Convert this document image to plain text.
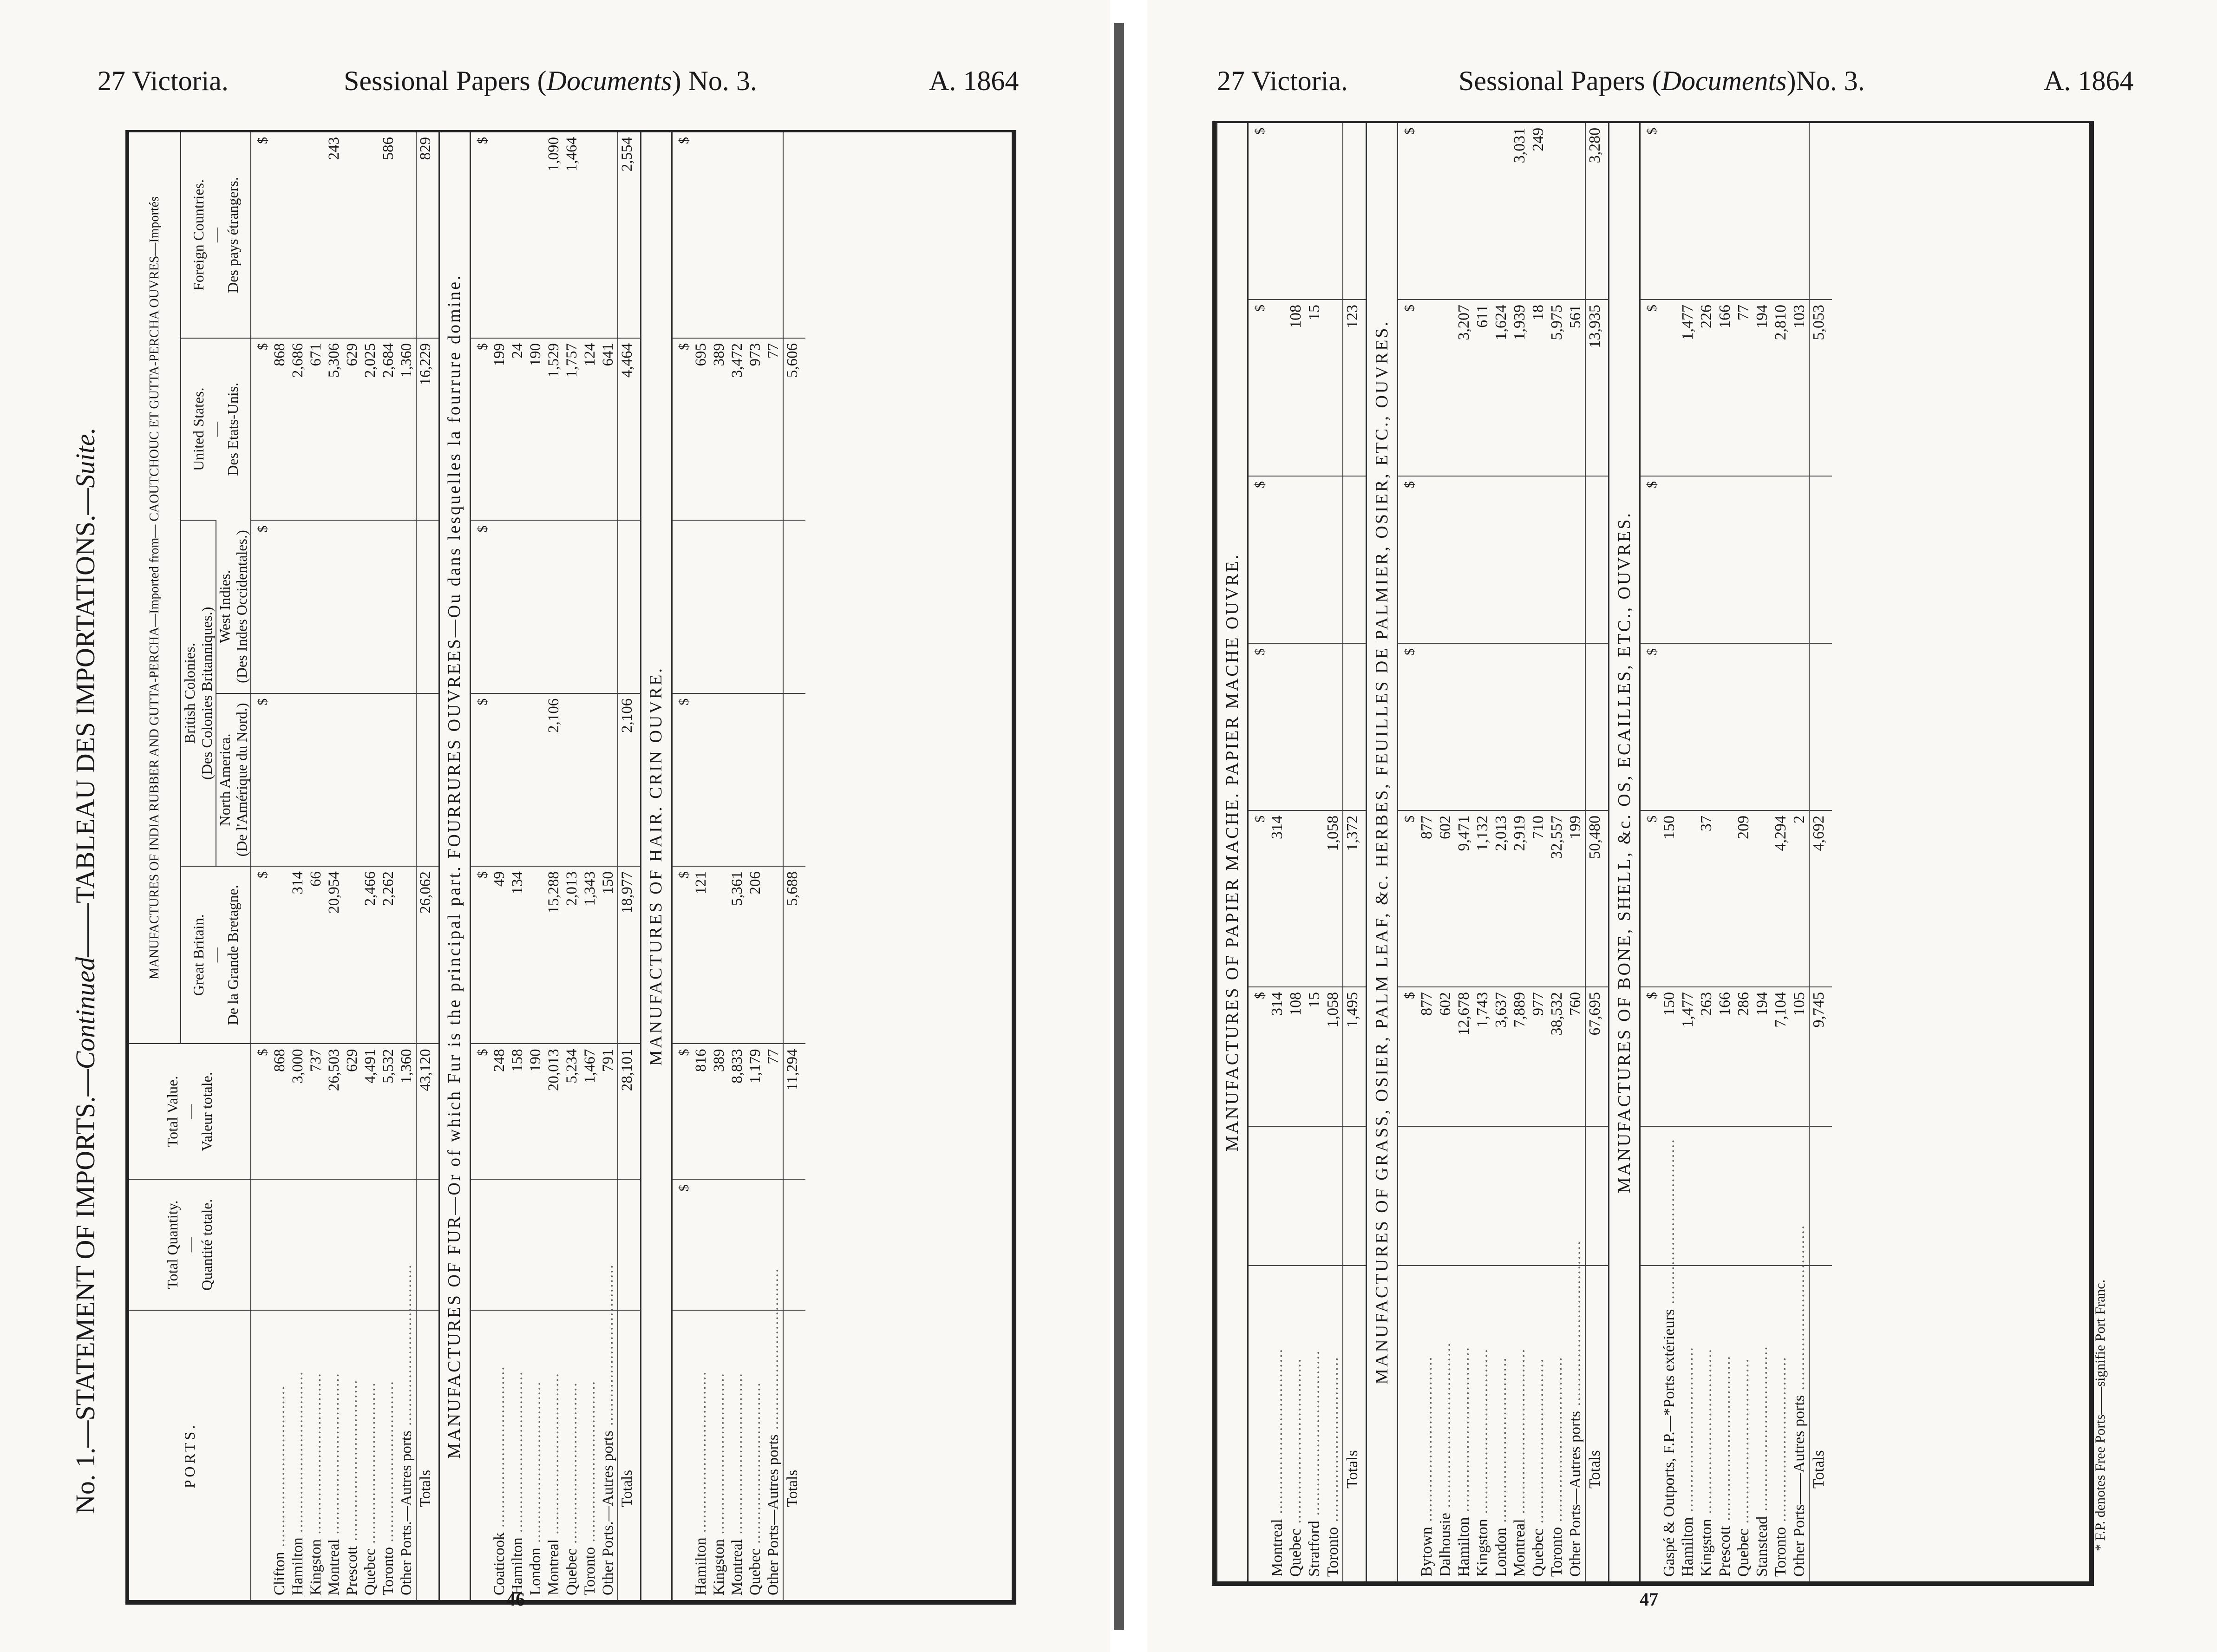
27 Victoria.	Sessional Papers (Documents) No. 3.	A. 1864
No. 1.—STATEMENT OF IMPORTS.—Continued——TABLEAU DES IMPORTATIONS.—Suite.
PORTS.	Total Quantity.
—
Quantité totale.	Total Value.
—
Valeur totale.	MANUFACTURES OF INDIA RUBBER AND GUTTA-PERCHA—Imported from— CAOUTCHOUC ET GUTTA-PERCHA OUVRES—Importés				
			Great Britain.
—
De la Grande Bretagne.	British Colonies.
(Des Colonies Britanniques.)		United States.
—
Des Etats-Unis.	Foreign Countries.
—
Des pays étrangers.
				North America.
(De l'Amérique du Nord.)	West Indies.
(Des Indes Occidentales.)		
		$	$	$	$	$	$
Clifton ..................................		868				868	
Hamilton ..................................		3,000	314			2,686	
Kingston ..................................		737	66			671	
Montreal ..................................		26,503	20,954			5,306	243
Prescott ..................................		629				629	
Quebec ..................................		4,491	2,466			2,025	
Toronto ..................................		5,532	2,262			2,684	586
Other Ports.—Autres ports ..................................		1,360				1,360	
Totals		43,120	26,062			16,229	829
MANUFACTURES OF FUR—Or of which Fur is the principal part. FOURRURES OUVREES—Ou dans lesquelles la fourrure domine.							
		$	$	$	$	$	$
Coaticook ..................................		248	49			199	
Hamilton ..................................		158	134			24	
London ..................................		190				190	
Montreal ..................................		20,013	15,288	2,106		1,529	1,090
Quebec ..................................		5,234	2,013			1,757	1,464
Toronto ..................................		1,467	1,343			124	
Other Ports.—Autres ports ..................................		791	150			641	
Totals		28,101	18,977	2,106		4,464	2,554
MANUFACTURES OF HAIR. CRIN OUVRE.							
	$	$	$	$		$	$
Hamilton ..................................		816	121			695	
Kingston ..................................		389				389	
Montreal ..................................		8,833	5,361			3,472	
Quebec ..................................		1,179	206			973	
Other Ports—Autres ports ..................................		77				77	
Totals		11,294	5,688			5,606	
46
27 Victoria.	Sessional Papers (Documents)No. 3.	A. 1864
MANUFACTURES OF PAPIER MACHE. PAPIER MACHE OUVRE.							
		$	$	$	$	$	$
Montreal ..................................		314	314				
Quebec ..................................		108				108	
Stratford ..................................		15				15	
Toronto ..................................		1,058	1,058				
Totals		1,495	1,372			123	
MANUFACTURES OF GRASS, OSIER, PALM LEAF, &c. HERBES, FEUILLES DE PALMIER, OSIER, ETC., OUVRES.							
		$	$	$	$	$	$
Bytown ..................................		877	877				
Dalhousie ..................................		602	602				
Hamilton ..................................		12,678	9,471			3,207	
Kingston ..................................		1,743	1,132			611	
London ..................................		3,637	2,013			1,624	
Montreal ..................................		7,889	2,919			1,939	3,031
Quebec ..................................		977	710			18	249
Toronto ..................................		38,532	32,557			5,975	
Other Ports—Autres ports ..................................		760	199			561	
Totals		67,695	50,480			13,935	3,280
MANUFACTURES OF BONE, SHELL, &c. OS, ECAILLES, ETC., OUVRES.							
		$	$	$	$	$	$
Gaspé & Outports, F.P.—*Ports extérieurs ..................................		150	150				
Hamilton ..................................		1,477				1,477	
Kingston ..................................		263	37			226	
Prescott ..................................		166				166	
Quebec ..................................		286	209			77	
Stanstead ..................................		194				194	
Toronto ..................................		7,104	4,294			2,810	
Other Ports——Autres ports ..................................		105	2			103	
Totals		9,745	4,692			5,053	
* F.P. denotes Free Ports——signifie Port Franc.
47
